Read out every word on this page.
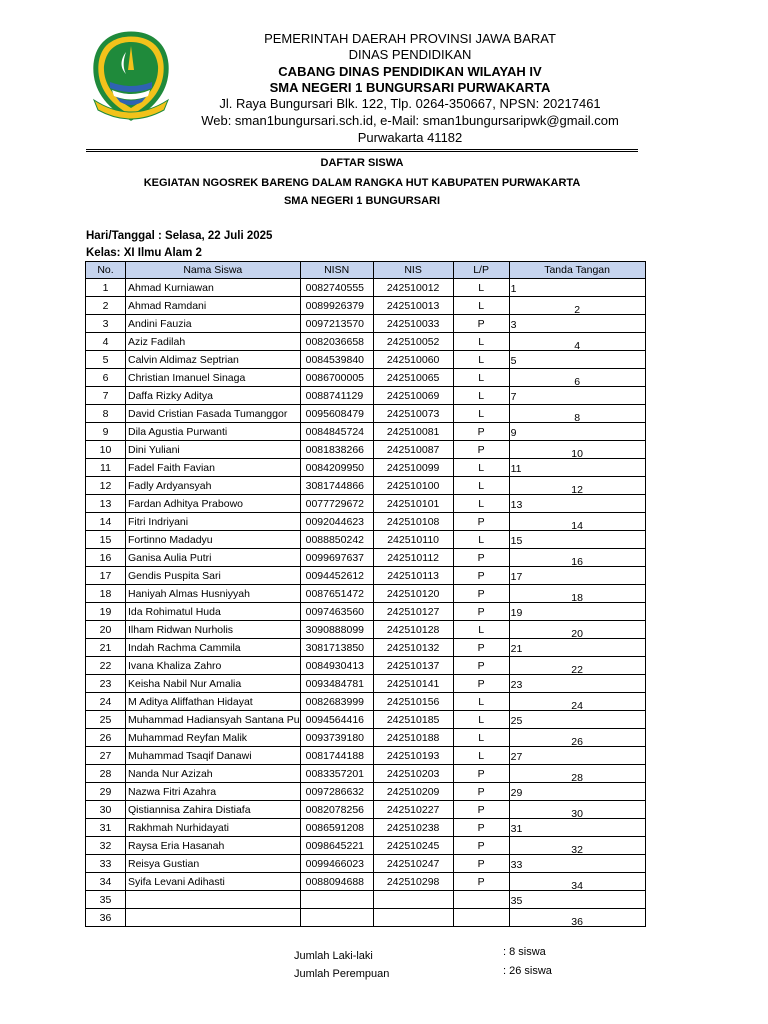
PEMERINTAH DAERAH PROVINSI JAWA BARAT
DINAS PENDIDIKAN
CABANG DINAS PENDIDIKAN WILAYAH IV
SMA NEGERI 1 BUNGURSARI PURWAKARTA
Jl. Raya Bungursari Blk. 122, Tlp. 0264-350667, NPSN: 20217461
Web: sman1bungursari.sch.id, e-Mail: sman1bungursaripwk@gmail.com
Purwakarta 41182
DAFTAR SISWA
KEGIATAN NGOSREK BARENG DALAM RANGKA HUT KABUPATEN PURWAKARTA
SMA NEGERI 1 BUNGURSARI
Hari/Tanggal : Selasa, 22 Juli 2025
Kelas: XI Ilmu Alam 2
No.	Nama Siswa	NISN	NIS	L/P	Tanda Tangan
1	Ahmad Kurniawan	0082740555	242510012	L	1

2	Ahmad Ramdani	0089926379	242510013	L	2

3	Andini Fauzia	0097213570	242510033	P	3

4	Aziz Fadilah	0082036658	242510052	L	4

5	Calvin Aldimaz Septrian	0084539840	242510060	L	5

6	Christian Imanuel Sinaga	0086700005	242510065	L	6

7	Daffa Rizky Aditya	0088741129	242510069	L	7

8	David Cristian Fasada Tumanggor	0095608479	242510073	L	8

9	Dila Agustia Purwanti	0084845724	242510081	P	9

10	Dini Yuliani	0081838266	242510087	P	10

11	Fadel Faith Favian	0084209950	242510099	L	11

12	Fadly Ardyansyah	3081744866	242510100	L	12

13	Fardan Adhitya Prabowo	0077729672	242510101	L	13

14	Fitri Indriyani	0092044623	242510108	P	14

15	Fortinno Madadyu	0088850242	242510110	L	15

16	Ganisa Aulia Putri	0099697637	242510112	P	16

17	Gendis Puspita Sari	0094452612	242510113	P	17

18	Haniyah Almas Husniyyah	0087651472	242510120	P	18

19	Ida Rohimatul Huda	0097463560	242510127	P	19

20	Ilham Ridwan Nurholis	3090888099	242510128	L	20

21	Indah Rachma Cammila	3081713850	242510132	P	21

22	Ivana Khaliza Zahro	0084930413	242510137	P	22

23	Keisha Nabil Nur Amalia	0093484781	242510141	P	23

24	M Aditya Aliffathan Hidayat	0082683999	242510156	L	24

25	Muhammad Hadiansyah Santana Pu	0094564416	242510185	L	25

26	Muhammad Reyfan Malik	0093739180	242510188	L	26

27	Muhammad Tsaqif Danawi	0081744188	242510193	L	27

28	Nanda Nur Azizah	0083357201	242510203	P	28

29	Nazwa Fitri Azahra	0097286632	242510209	P	29

30	Qistiannisa Zahira Distiafa	0082078256	242510227	P	30

31	Rakhmah Nurhidayati	0086591208	242510238	P	31

32	Raysa Eria Hasanah	0098645221	242510245	P	32

33	Reisya Gustian	0099466023	242510247	P	33

34	Syifa Levani Adihasti	0088094688	242510298	P	34

35					35

36					36
Jumlah Laki-laki
Jumlah Perempuan
: 8 siswa
: 26 siswa
